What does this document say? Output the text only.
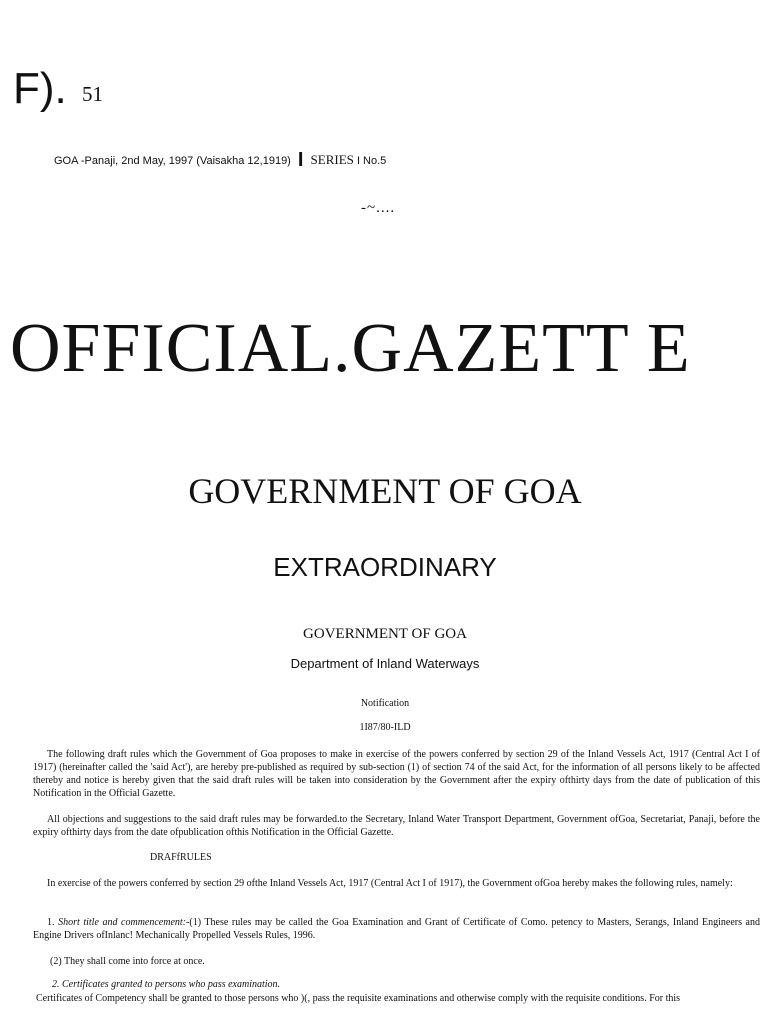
F). 51
GOA -Panaji, 2nd May, 1997 (Vaisakha 12,1919) I SERIES I No.5
-~....
OFFICIAL.GAZETT E
GOVERNMENT OF GOA
EXTRAORDINARY
GOVERNMENT OF GOA
Department of Inland Waterways
Notification
1I87/80-ILD
The following draft rules which the Government of Goa proposes to make in exercise of the powers conferred by section 29 of the Inland Vessels Act, 1917 (Central Act I of 1917) (hereinafter called the 'said Act'), are hereby pre-published as required by sub-section (1) of section 74 of the said Act, for the information of all persons likely to be affected thereby and notice is hereby given that the said draft rules will be taken into consideration by the Government after the expiry ofthirty days from the date of publication of this Notification in the Official Gazette.
All objections and suggestions to the said draft rules may be forwarded.to the Secretary, Inland Water Transport Department, Government ofGoa, Secretariat, Panaji, before the expiry ofthirty days from the date ofpublication ofthis Notification in the Official Gazette.
DRAFfRULES
In exercise of the powers conferred by section 29 ofthe Inland Vessels Act, 1917 (Central Act I of 1917), the Government ofGoa hereby makes the following rules, namely:
1. Short title and commencement:-(1) These rules may be called the Goa Examination and Grant of Certificate of Como. petency to Masters, Serangs, Inland Engineers and Engine Drivers ofInlanc! Mechanically Propelled Vessels Rules, 1996.
(2) They shall come into force at once.
2. Certificates granted to persons who pass examination.
Certificates of Competency shall be granted to those persons who )(, pass the requisite examinations and otherwise comply with the requisite conditions. For this
